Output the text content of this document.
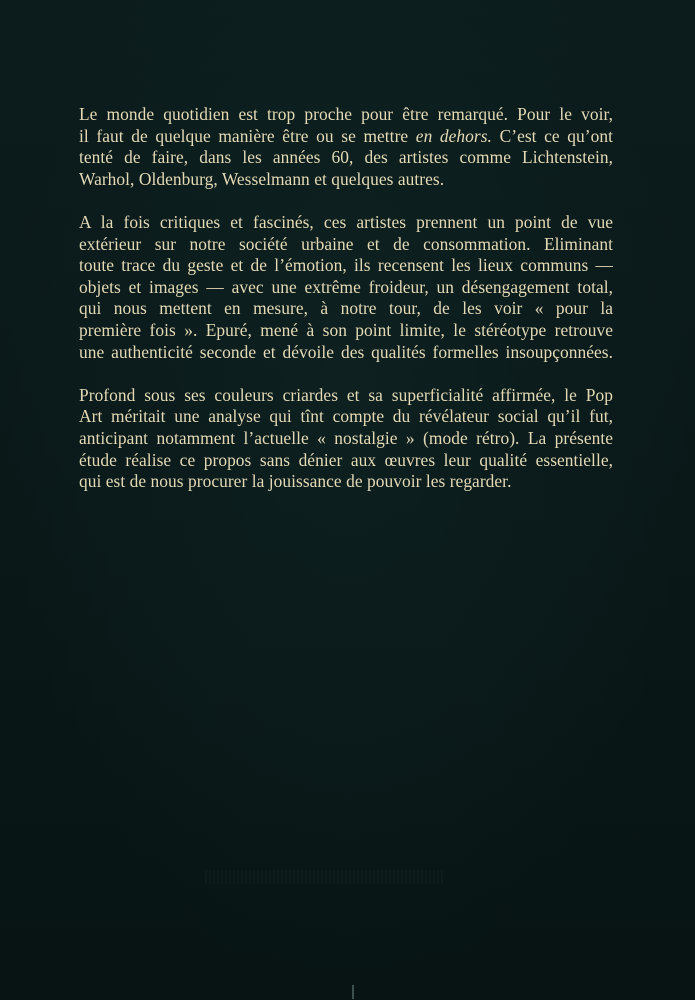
Le monde quotidien est trop proche pour être remarqué. Pour le voir,
il faut de quelque manière être ou se mettre en dehors. C’est ce qu’ont
tenté de faire, dans les années 60, des artistes comme Lichtenstein,
Warhol, Oldenburg, Wesselmann et quelques autres.

A la fois critiques et fascinés, ces artistes prennent un point de vue
extérieur sur notre société urbaine et de consommation. Eliminant
toute trace du geste et de l’émotion, ils recensent les lieux communs —
objets et images — avec une extrême froideur, un désengagement total,
qui nous mettent en mesure, à notre tour, de les voir « pour la
première fois ». Epuré, mené à son point limite, le stéréotype retrouve
une authenticité seconde et dévoile des qualités formelles insoupçonnées.

Profond sous ses couleurs criardes et sa superficialité affirmée, le Pop
Art méritait une analyse qui tînt compte du révélateur social qu’il fut,
anticipant notamment l’actuelle « nostalgie » (mode rétro). La présente
étude réalise ce propos sans dénier aux œuvres leur qualité essentielle,
qui est de nous procurer la jouissance de pouvoir les regarder.
